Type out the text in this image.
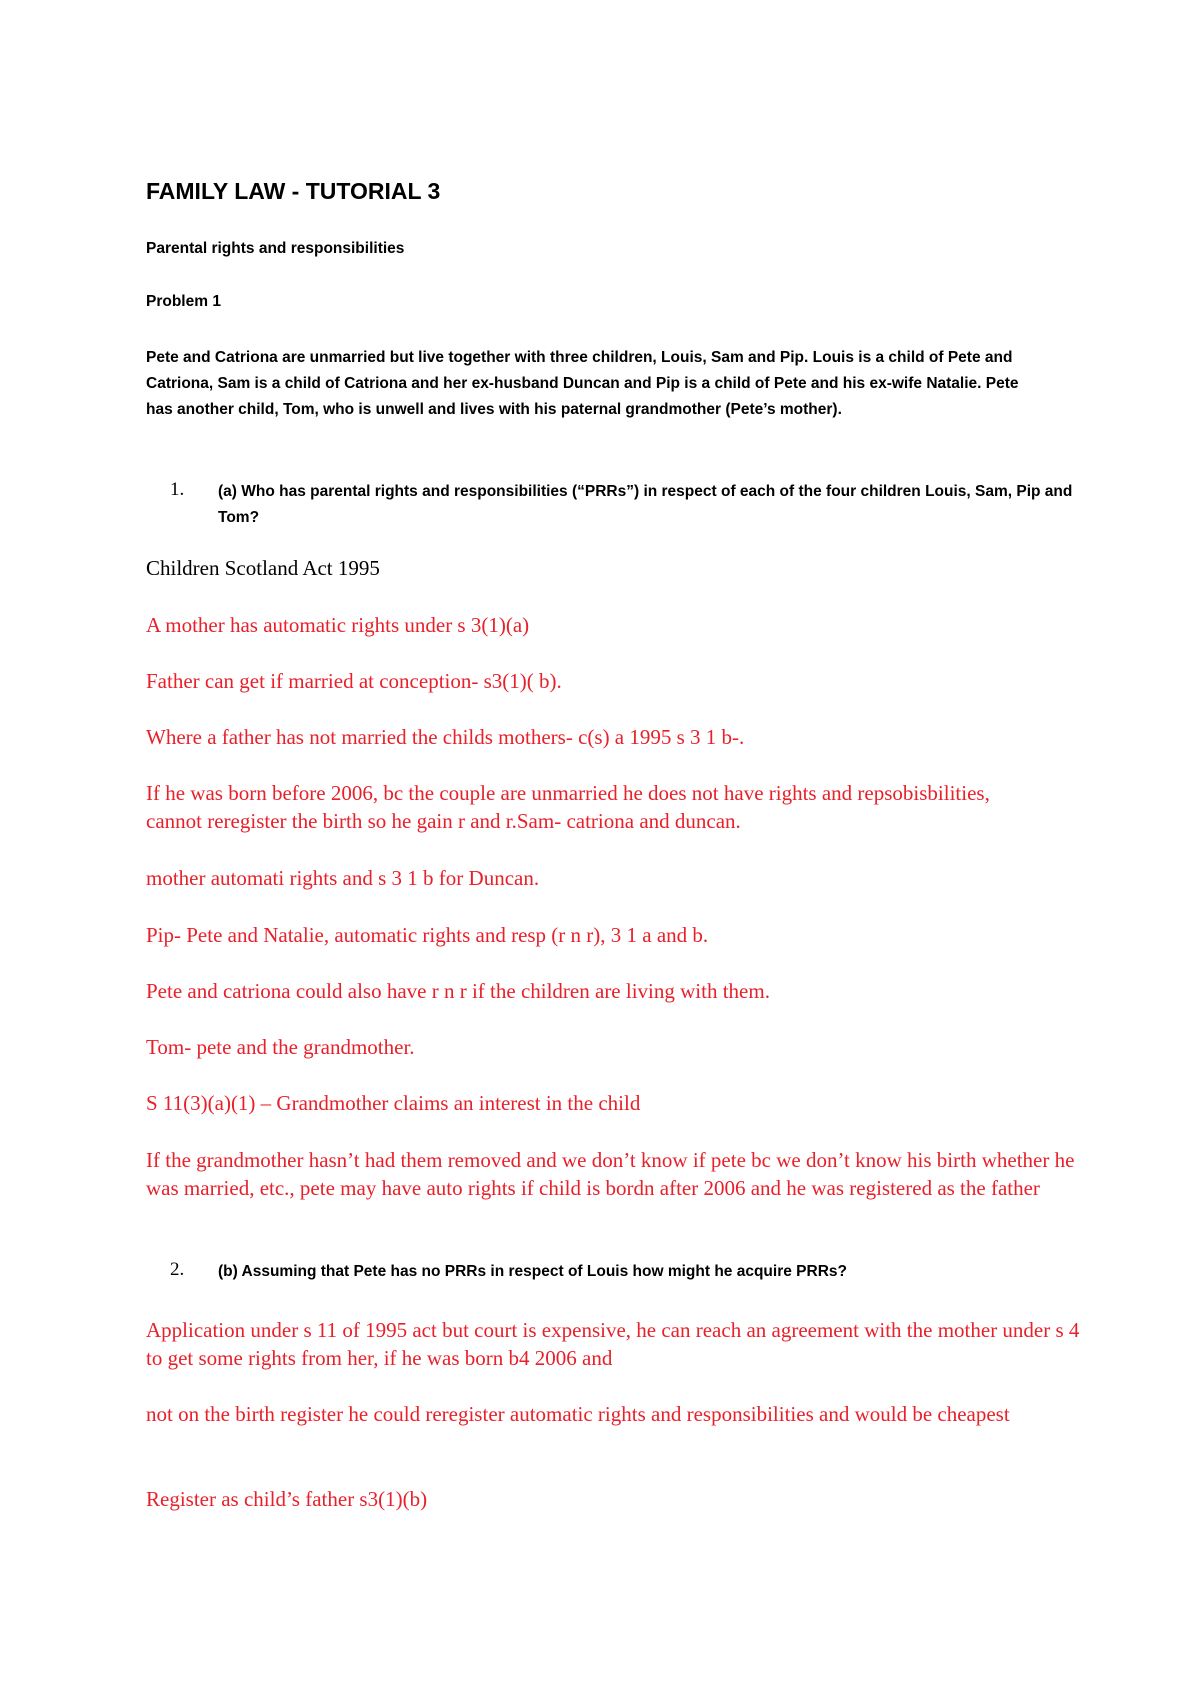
FAMILY LAW - TUTORIAL 3
Parental rights and responsibilities
Problem 1
Pete and Catriona are unmarried but live together with three children, Louis, Sam and Pip. Louis is a child of Pete and Catriona, Sam is a child of Catriona and her ex-husband Duncan and Pip is a child of Pete and his ex-wife Natalie. Pete has another child, Tom, who is unwell and lives with his paternal grandmother (Pete’s mother).
1. (a) Who has parental rights and responsibilities (“PRRs”) in respect of each of the four children Louis, Sam, Pip and Tom?
Children Scotland Act 1995
A mother has automatic rights under s 3(1)(a)
Father can get if married at conception- s3(1)( b).
Where a father has not married the childs mothers- c(s) a 1995 s 3 1 b-.
If he was born before 2006, bc the couple are unmarried he does not have rights and repsobisbilities, cannot reregister the birth so he gain r and r.Sam- catriona and duncan.
mother automati rights and s 3 1 b for Duncan.
Pip- Pete and Natalie, automatic rights and resp (r n r), 3 1 a and b.
Pete and catriona could also have r n r if the children are living with them.
Tom- pete and the grandmother.
S 11(3)(a)(1) – Grandmother claims an interest in the child
If the grandmother hasn’t had them removed and we don’t know if pete bc we don’t know his birth whether he was married, etc., pete may have auto rights if child is bordn after 2006 and he was registered as the father
2. (b) Assuming that Pete has no PRRs in respect of Louis how might he acquire PRRs?
Application under s 11 of 1995 act but court is expensive, he can reach an agreement with the mother under s 4 to get some rights from her, if he was born b4 2006 and
not on the birth register he could reregister automatic rights and responsibilities and would be cheapest
Register as child’s father s3(1)(b)
